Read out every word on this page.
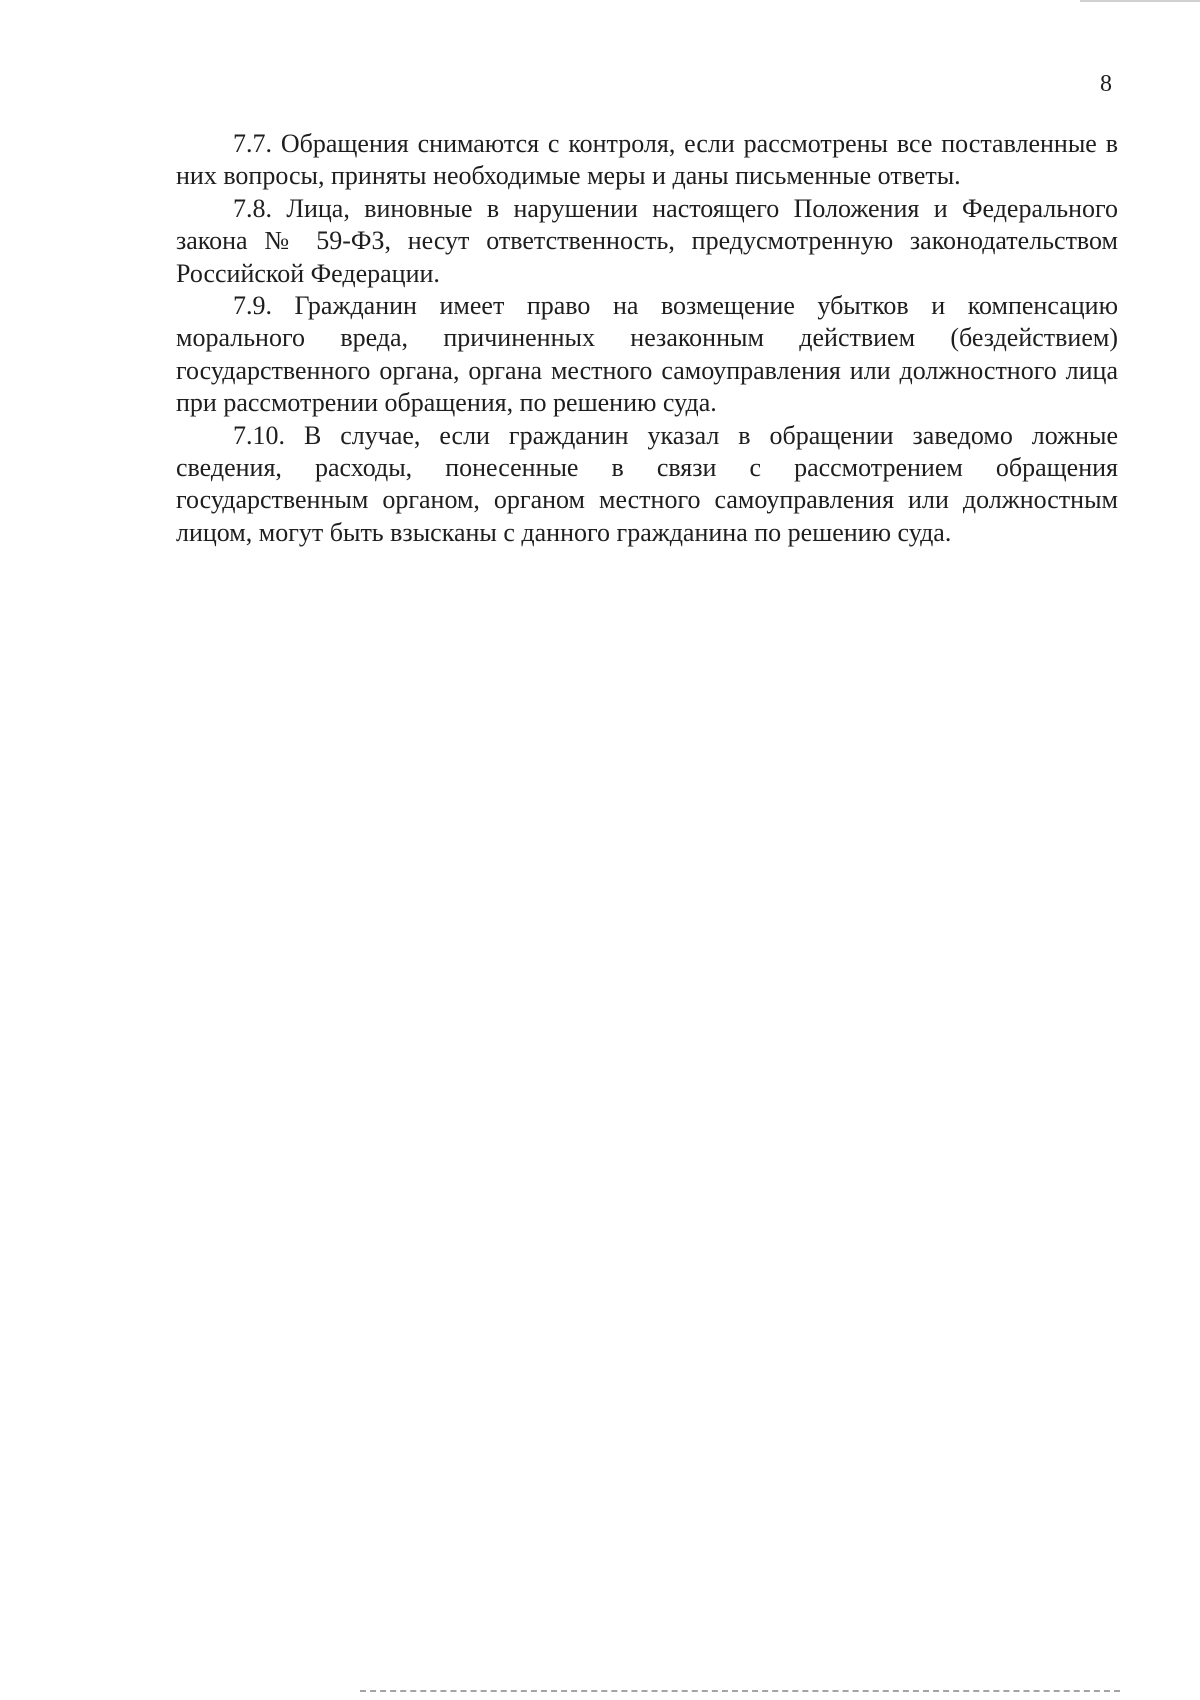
8

7.7. Обращения снимаются с контроля, если рассмотрены все поставленные в них вопросы, приняты необходимые меры и даны письменные ответы.

7.8. Лица, виновные в нарушении настоящего Положения и Федерального закона № 59-ФЗ, несут ответственность, предусмотренную законодательством Российской Федерации.

7.9. Гражданин имеет право на возмещение убытков и компенсацию морального вреда, причиненных незаконным действием (бездействием) государственного органа, органа местного самоуправления или должностного лица при рассмотрении обращения, по решению суда.

7.10. В случае, если гражданин указал в обращении заведомо ложные сведения, расходы, понесенные в связи с рассмотрением обращения государственным органом, органом местного самоуправления или должностным лицом, могут быть взысканы с данного гражданина по решению суда.
